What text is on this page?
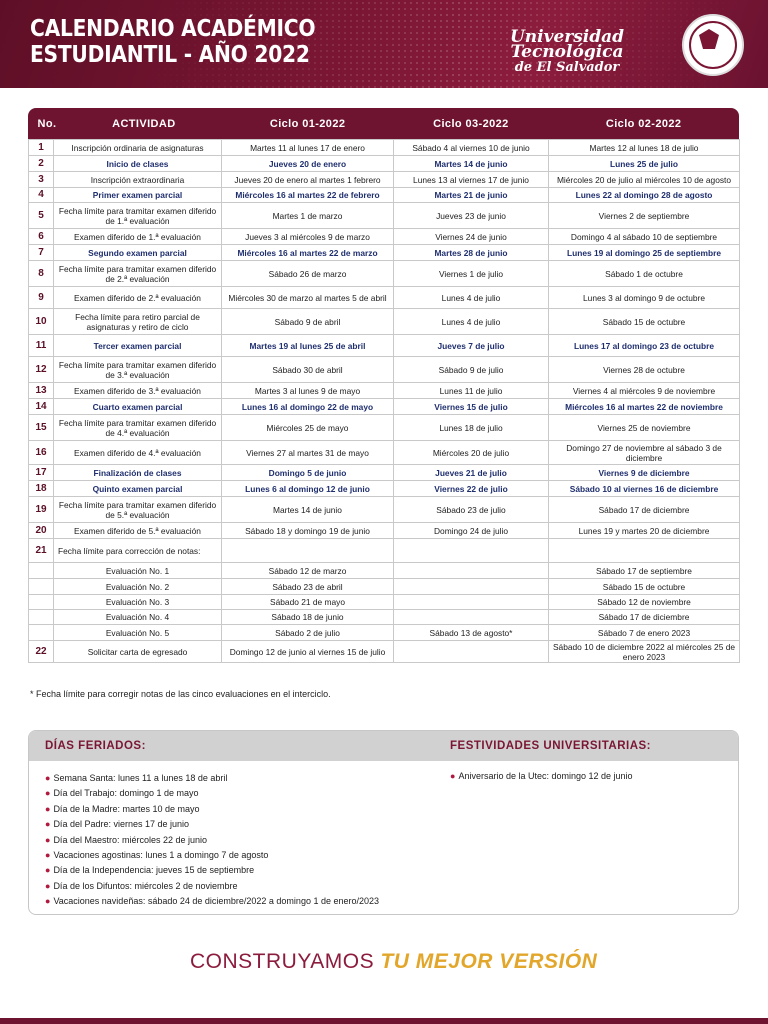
CALENDARIO ACADÉMICO
ESTUDIANTIL - AÑO 2022
Universidad Tecnológica
de El Salvador
No.	ACTIVIDAD	Ciclo 01-2022	Ciclo 03-2022	Ciclo 02-2022
1	Inscripción ordinaria de asignaturas	Martes 11 al lunes 17 de enero	Sábado 4 al viernes 10 de junio	Martes 12 al lunes 18 de julio
2	Inicio de clases	Jueves 20 de enero	Martes 14 de junio	Lunes 25 de julio
3	Inscripción extraordinaria	Jueves 20 de enero al martes 1 febrero	Lunes 13 al viernes 17 de junio	Miércoles 20 de julio al miércoles 10 de agosto
4	Primer examen parcial	Miércoles 16 al martes 22 de febrero	Martes 21 de junio	Lunes 22 al domingo 28 de agosto
5	Fecha límite para tramitar examen diferido de 1.ª evaluación	Martes 1 de marzo	Jueves 23 de junio	Viernes 2 de septiembre
6	Examen diferido de 1.ª evaluación	Jueves 3 al miércoles 9 de marzo	Viernes 24 de junio	Domingo 4 al sábado 10 de septiembre
7	Segundo examen parcial	Miércoles 16 al martes 22 de marzo	Martes 28 de junio	Lunes 19 al domingo 25 de septiembre
8	Fecha límite para tramitar examen diferido de 2.ª evaluación	Sábado 26 de marzo	Viernes 1 de julio	Sábado 1 de octubre
9	Examen diferido de 2.ª evaluación	Miércoles 30 de marzo al martes 5 de abril	Lunes 4 de julio	Lunes 3 al domingo 9 de octubre
10	Fecha límite para retiro parcial de asignaturas y retiro de ciclo	Sábado 9 de abril	Lunes 4 de julio	Sábado 15 de octubre
11	Tercer examen parcial	Martes 19 al lunes 25 de abril	Jueves 7 de julio	Lunes 17 al domingo 23 de octubre
12	Fecha límite para tramitar examen diferido de 3.ª evaluación	Sábado 30 de abril	Sábado 9 de julio	Viernes 28 de octubre
13	Examen diferido de 3.ª evaluación	Martes 3 al lunes 9 de mayo	Lunes 11 de julio	Viernes 4 al miércoles 9 de noviembre
14	Cuarto examen parcial	Lunes 16 al domingo 22 de mayo	Viernes 15 de julio	Miércoles 16 al martes 22 de noviembre
15	Fecha límite para tramitar examen diferido de 4.ª evaluación	Miércoles 25 de mayo	Lunes 18 de julio	Viernes 25 de noviembre
16	Examen diferido de 4.ª evaluación	Viernes 27 al martes 31 de mayo	Miércoles 20 de julio	Domingo 27 de noviembre al sábado 3 de diciembre
17	Finalización de clases	Domingo 5 de junio	Jueves 21 de julio	Viernes 9 de diciembre
18	Quinto examen parcial	Lunes 6 al domingo 12 de junio	Viernes 22 de julio	Sábado 10 al viernes 16 de diciembre
19	Fecha límite para tramitar examen diferido de 5.ª evaluación	Martes 14 de junio	Sábado 23 de julio	Sábado 17 de diciembre
20	Examen diferido de 5.ª evaluación	Sábado 18 y domingo 19 de junio	Domingo 24 de julio	Lunes 19 y martes 20 de diciembre
21	Fecha límite para corrección de notas:			
	Evaluación No. 1	Sábado 12 de marzo		Sábado 17 de septiembre
	Evaluación No. 2	Sábado 23 de abril		Sábado 15 de octubre
	Evaluación No. 3	Sábado 21 de mayo		Sábado 12 de noviembre
	Evaluación No. 4	Sábado 18 de junio		Sábado 17 de diciembre
	Evaluación No. 5	Sábado 2 de julio	Sábado 13 de agosto*	Sábado 7 de enero 2023
22	Solicitar carta de egresado	Domingo 12 de junio al viernes 15 de julio		Sábado 10 de diciembre 2022 al miércoles 25 de enero 2023
* Fecha límite para corregir notas de las cinco evaluaciones en el interciclo.
DÍAS FERIADOS:	FESTIVIDADES UNIVERSITARIAS:
● Semana Santa: lunes 11 a lunes 18 de abril
● Día del Trabajo: domingo 1 de mayo
● Día de la Madre: martes 10 de mayo
● Día del Padre: viernes 17 de junio
● Día del Maestro: miércoles 22 de junio
● Vacaciones agostinas: lunes 1 a domingo 7 de agosto
● Día de la Independencia: jueves 15 de septiembre
● Día de los Difuntos: miércoles 2 de noviembre
● Vacaciones navideñas: sábado 24 de diciembre/2022 a domingo 1 de enero/2023
● Aniversario de la Utec: domingo 12 de junio
CONSTRUYAMOS TU MEJOR VERSIÓN
